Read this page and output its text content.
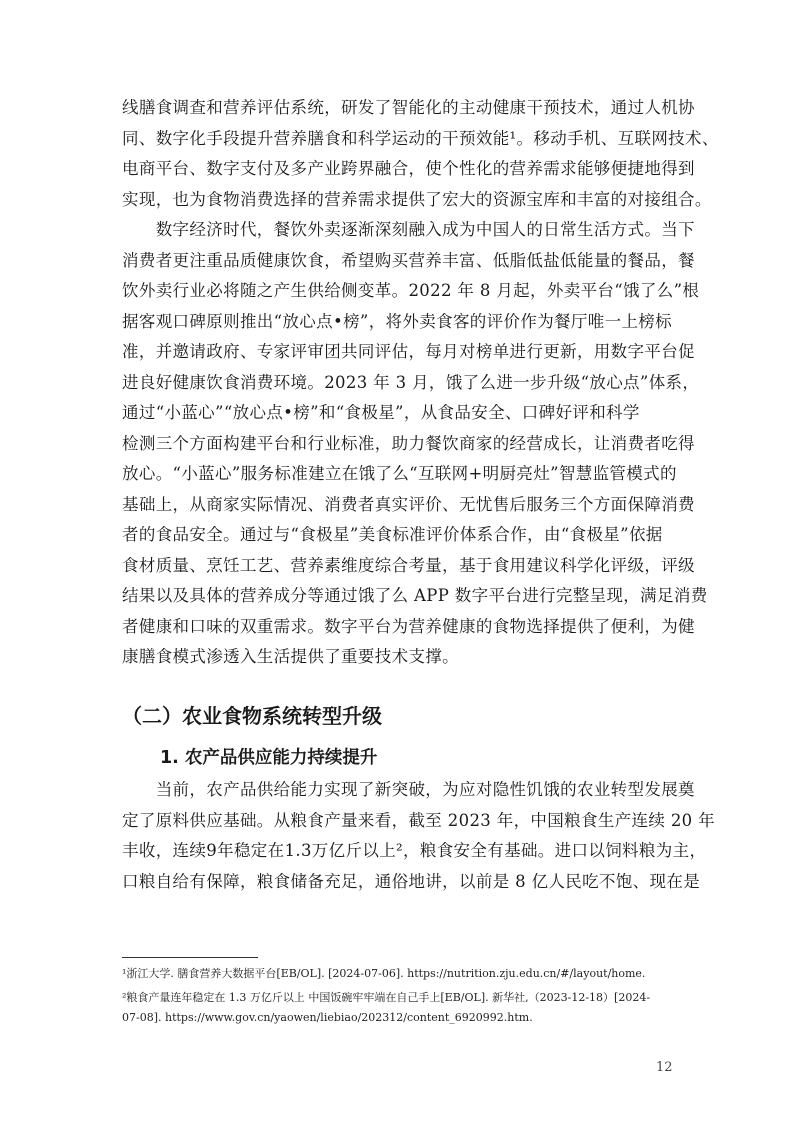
线膳食调查和营养评估系统，研发了智能化的主动健康干预技术，通过人机协
同、数字化手段提升营养膳食和科学运动的干预效能¹。移动手机、互联网技术、
电商平台、数字支付及多产业跨界融合，使个性化的营养需求能够便捷地得到
实现，也为食物消费选择的营养需求提供了宏大的资源宝库和丰富的对接组合。
　　数字经济时代，餐饮外卖逐渐深刻融入成为中国人的日常生活方式。当下
消费者更注重品质健康饮食，希望购买营养丰富、低脂低盐低能量的餐品，餐
饮外卖行业必将随之产生供给侧变革。2022 年 8 月起，外卖平台“饿了么”根
据客观口碑原则推出“放心点•榜”，将外卖食客的评价作为餐厅唯一上榜标
准，并邀请政府、专家评审团共同评估，每月对榜单进行更新，用数字平台促
进良好健康饮食消费环境。2023 年 3 月，饿了么进一步升级“放心点”体系，
通过“小蓝心”“放心点•榜”和“食极星”，从食品安全、口碑好评和科学
检测三个方面构建平台和行业标准，助力餐饮商家的经营成长，让消费者吃得
放心。“小蓝心”服务标准建立在饿了么“互联网+明厨亮灶”智慧监管模式的
基础上，从商家实际情况、消费者真实评价、无忧售后服务三个方面保障消费
者的食品安全。通过与“食极星”美食标准评价体系合作，由“食极星”依据
食材质量、烹饪工艺、营养素维度综合考量，基于食用建议科学化评级，评级
结果以及具体的营养成分等通过饿了么 APP 数字平台进行完整呈现，满足消费
者健康和口味的双重需求。数字平台为营养健康的食物选择提供了便利，为健
康膳食模式渗透入生活提供了重要技术支撑。
（二）农业食物系统转型升级
1. 农产品供应能力持续提升
　　当前，农产品供给能力实现了新突破，为应对隐性饥饿的农业转型发展奠
定了原料供应基础。从粮食产量来看，截至 2023 年，中国粮食生产连续 20 年
丰收，连续9年稳定在1.3万亿斤以上²，粮食安全有基础。进口以饲料粮为主，
口粮自给有保障，粮食储备充足，通俗地讲，以前是 8 亿人民吃不饱、现在是
¹浙江大学. 膳食营养大数据平台[EB/OL]. [2024-07-06]. https://nutrition.zju.edu.cn/#/layout/home.
²粮食产量连年稳定在 1.3 万亿斤以上 中国饭碗牢牢端在自己手上[EB/OL]. 新华社,（2023-12-18）[2024-
07-08]. https://www.gov.cn/yaowen/liebiao/202312/content_6920992.htm.
12
